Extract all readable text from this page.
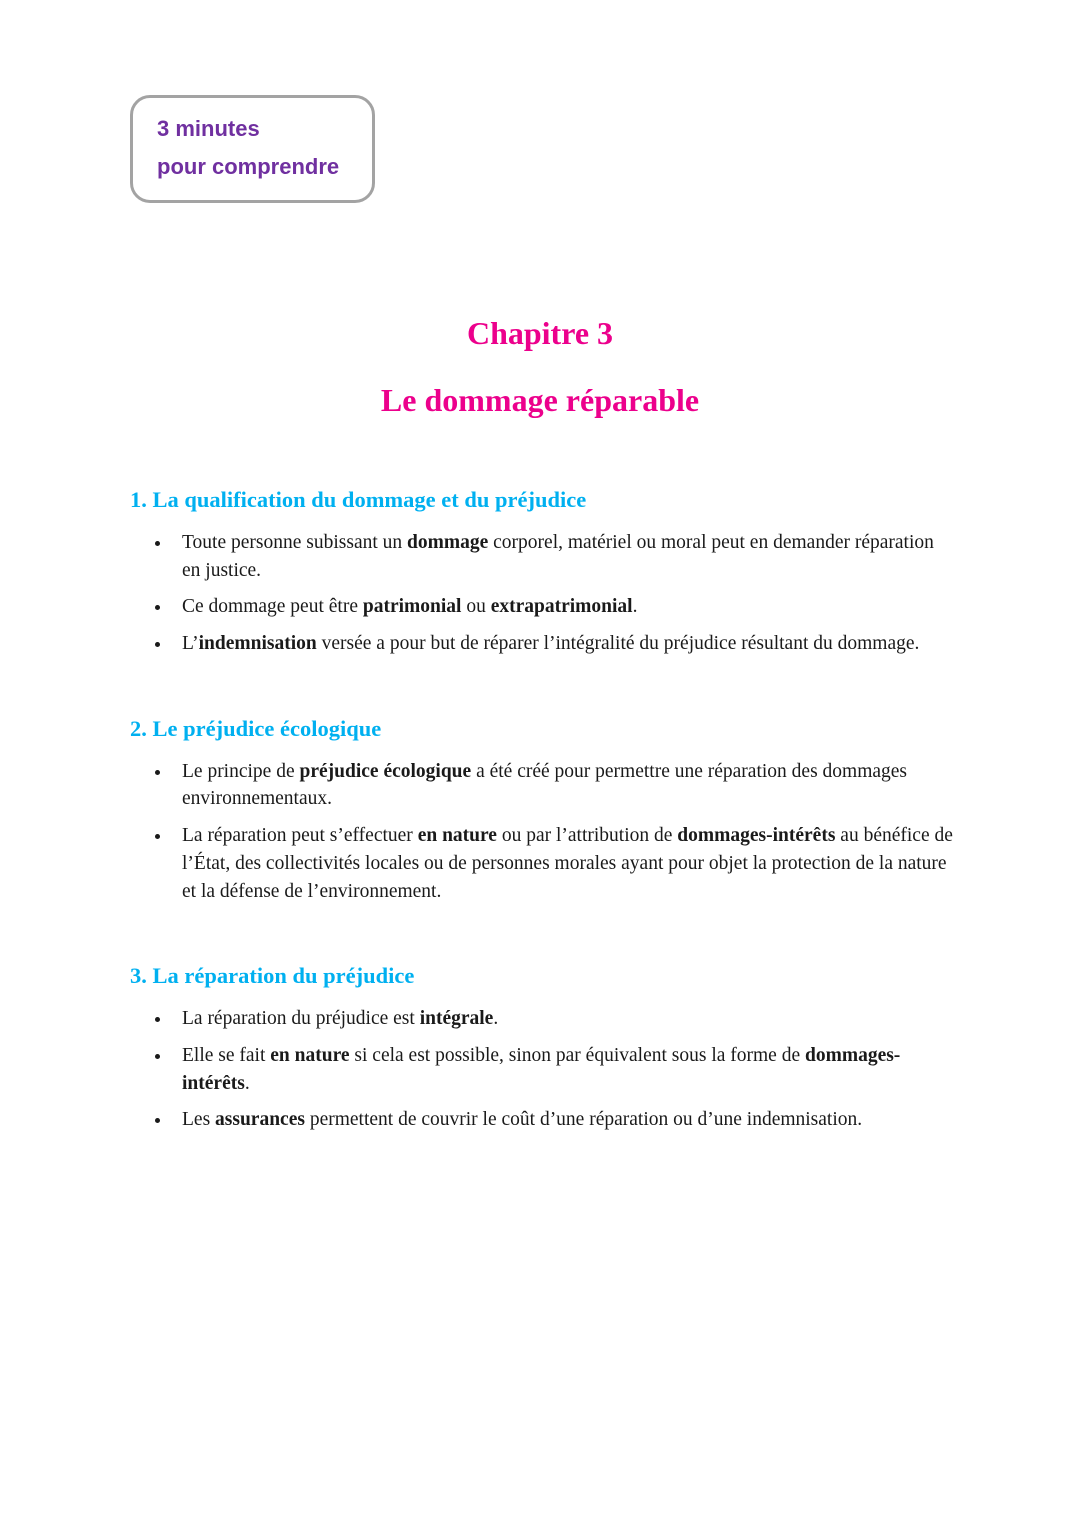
3 minutes
pour comprendre
Chapitre 3
Le dommage réparable
1. La qualification du dommage et du préjudice
• Toute personne subissant un dommage corporel, matériel ou moral peut en demander réparation en justice.
• Ce dommage peut être patrimonial ou extrapatrimonial.
• L’indemnisation versée a pour but de réparer l’intégralité du préjudice résultant du dommage.
2. Le préjudice écologique
• Le principe de préjudice écologique a été créé pour permettre une réparation des dommages environnementaux.
• La réparation peut s’effectuer en nature ou par l’attribution de dommages-intérêts au bénéfice de l’État, des collectivités locales ou de personnes morales ayant pour objet la protection de la nature et la défense de l’environnement.
3. La réparation du préjudice
• La réparation du préjudice est intégrale.
• Elle se fait en nature si cela est possible, sinon par équivalent sous la forme de dommages-intérêts.
• Les assurances permettent de couvrir le coût d’une réparation ou d’une indemnisation.
